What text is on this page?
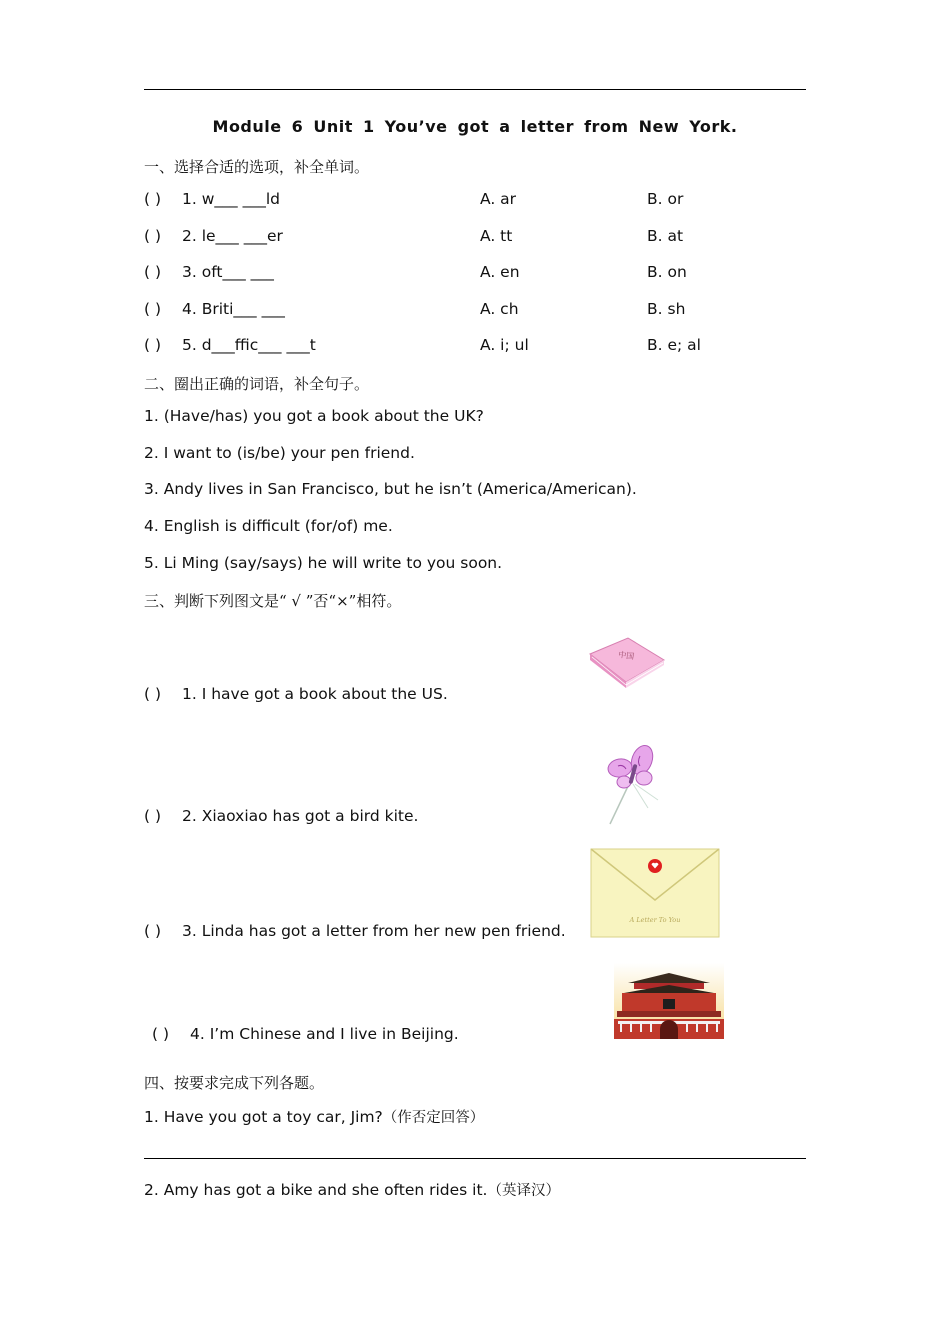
Module 6 Unit 1 You’ve got a letter from New York.
一、选择合适的选项，补全单词。
( ) 1. w___ ___ld	A. ar	B. or
( ) 2. le___ ___er	A. tt	B. at
( ) 3. oft___ ___	A. en	B. on
( ) 4. Briti___ ___	A. ch	B. sh
( ) 5. d___ffic___ ___t	A. i; ul	B. e; al
二、圈出正确的词语，补全句子。
1. (Have/has) you got a book about the UK?
2. I want to (is/be) your pen friend.
3. Andy lives in San Francisco, but he isn’t (America/American).
4. English is difficult (for/of) me.
5. Li Ming (say/says) he will write to you soon.
三、判断下列图文是“ √ ”否“×”相符。
( ) 1. I have got a book about the US.
( ) 2. Xiaoxiao has got a bird kite.
( ) 3. Linda has got a letter from her new pen friend.
( ) 4. I’m Chinese and I live in Beijing.
中国
A Letter To You
四、按要求完成下列各题。
1. Have you got a toy car, Jim?（作否定回答）
2. Amy has got a bike and she often rides it.（英译汉）
